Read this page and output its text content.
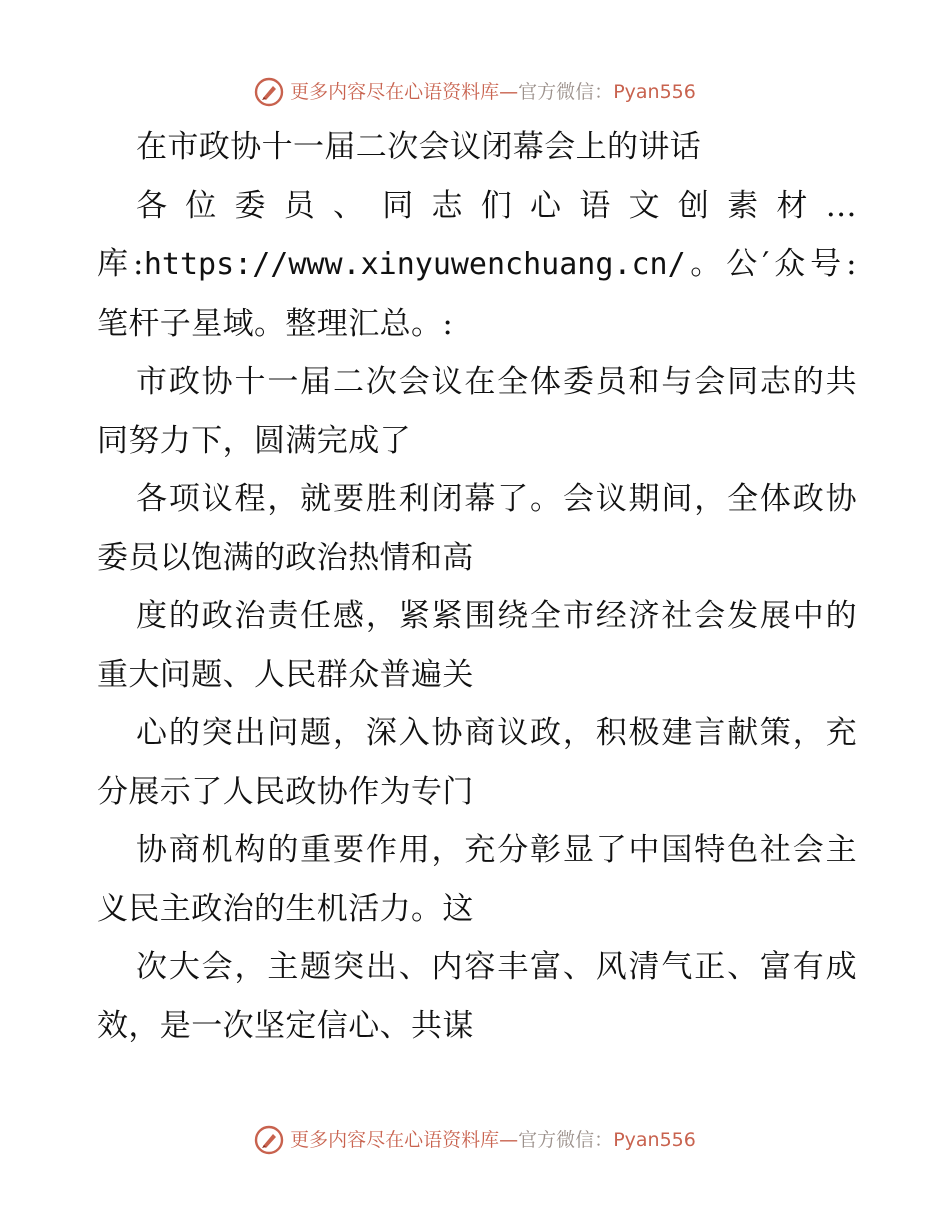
更多内容尽在心语资料库 — 官方微信： Pyan556

在市政协十一届二次会议闭幕会上的讲话

各位委员、同志们心语文创素材…库:https://www.xinyuwenchuang.cn/。公′众号: 笔杆子星域。整理汇总。:

市政协十一届二次会议在全体委员和与会同志的共同努力下，圆满完成了

各项议程，就要胜利闭幕了。会议期间，全体政协委员以饱满的政治热情和高

度的政治责任感，紧紧围绕全市经济社会发展中的重大问题、人民群众普遍关

心的突出问题，深入协商议政，积极建言献策，充分展示了人民政协作为专门

协商机构的重要作用，充分彰显了中国特色社会主义民主政治的生机活力。这

次大会，主题突出、内容丰富、风清气正、富有成效，是一次坚定信心、共谋

更多内容尽在心语资料库 — 官方微信： Pyan556
